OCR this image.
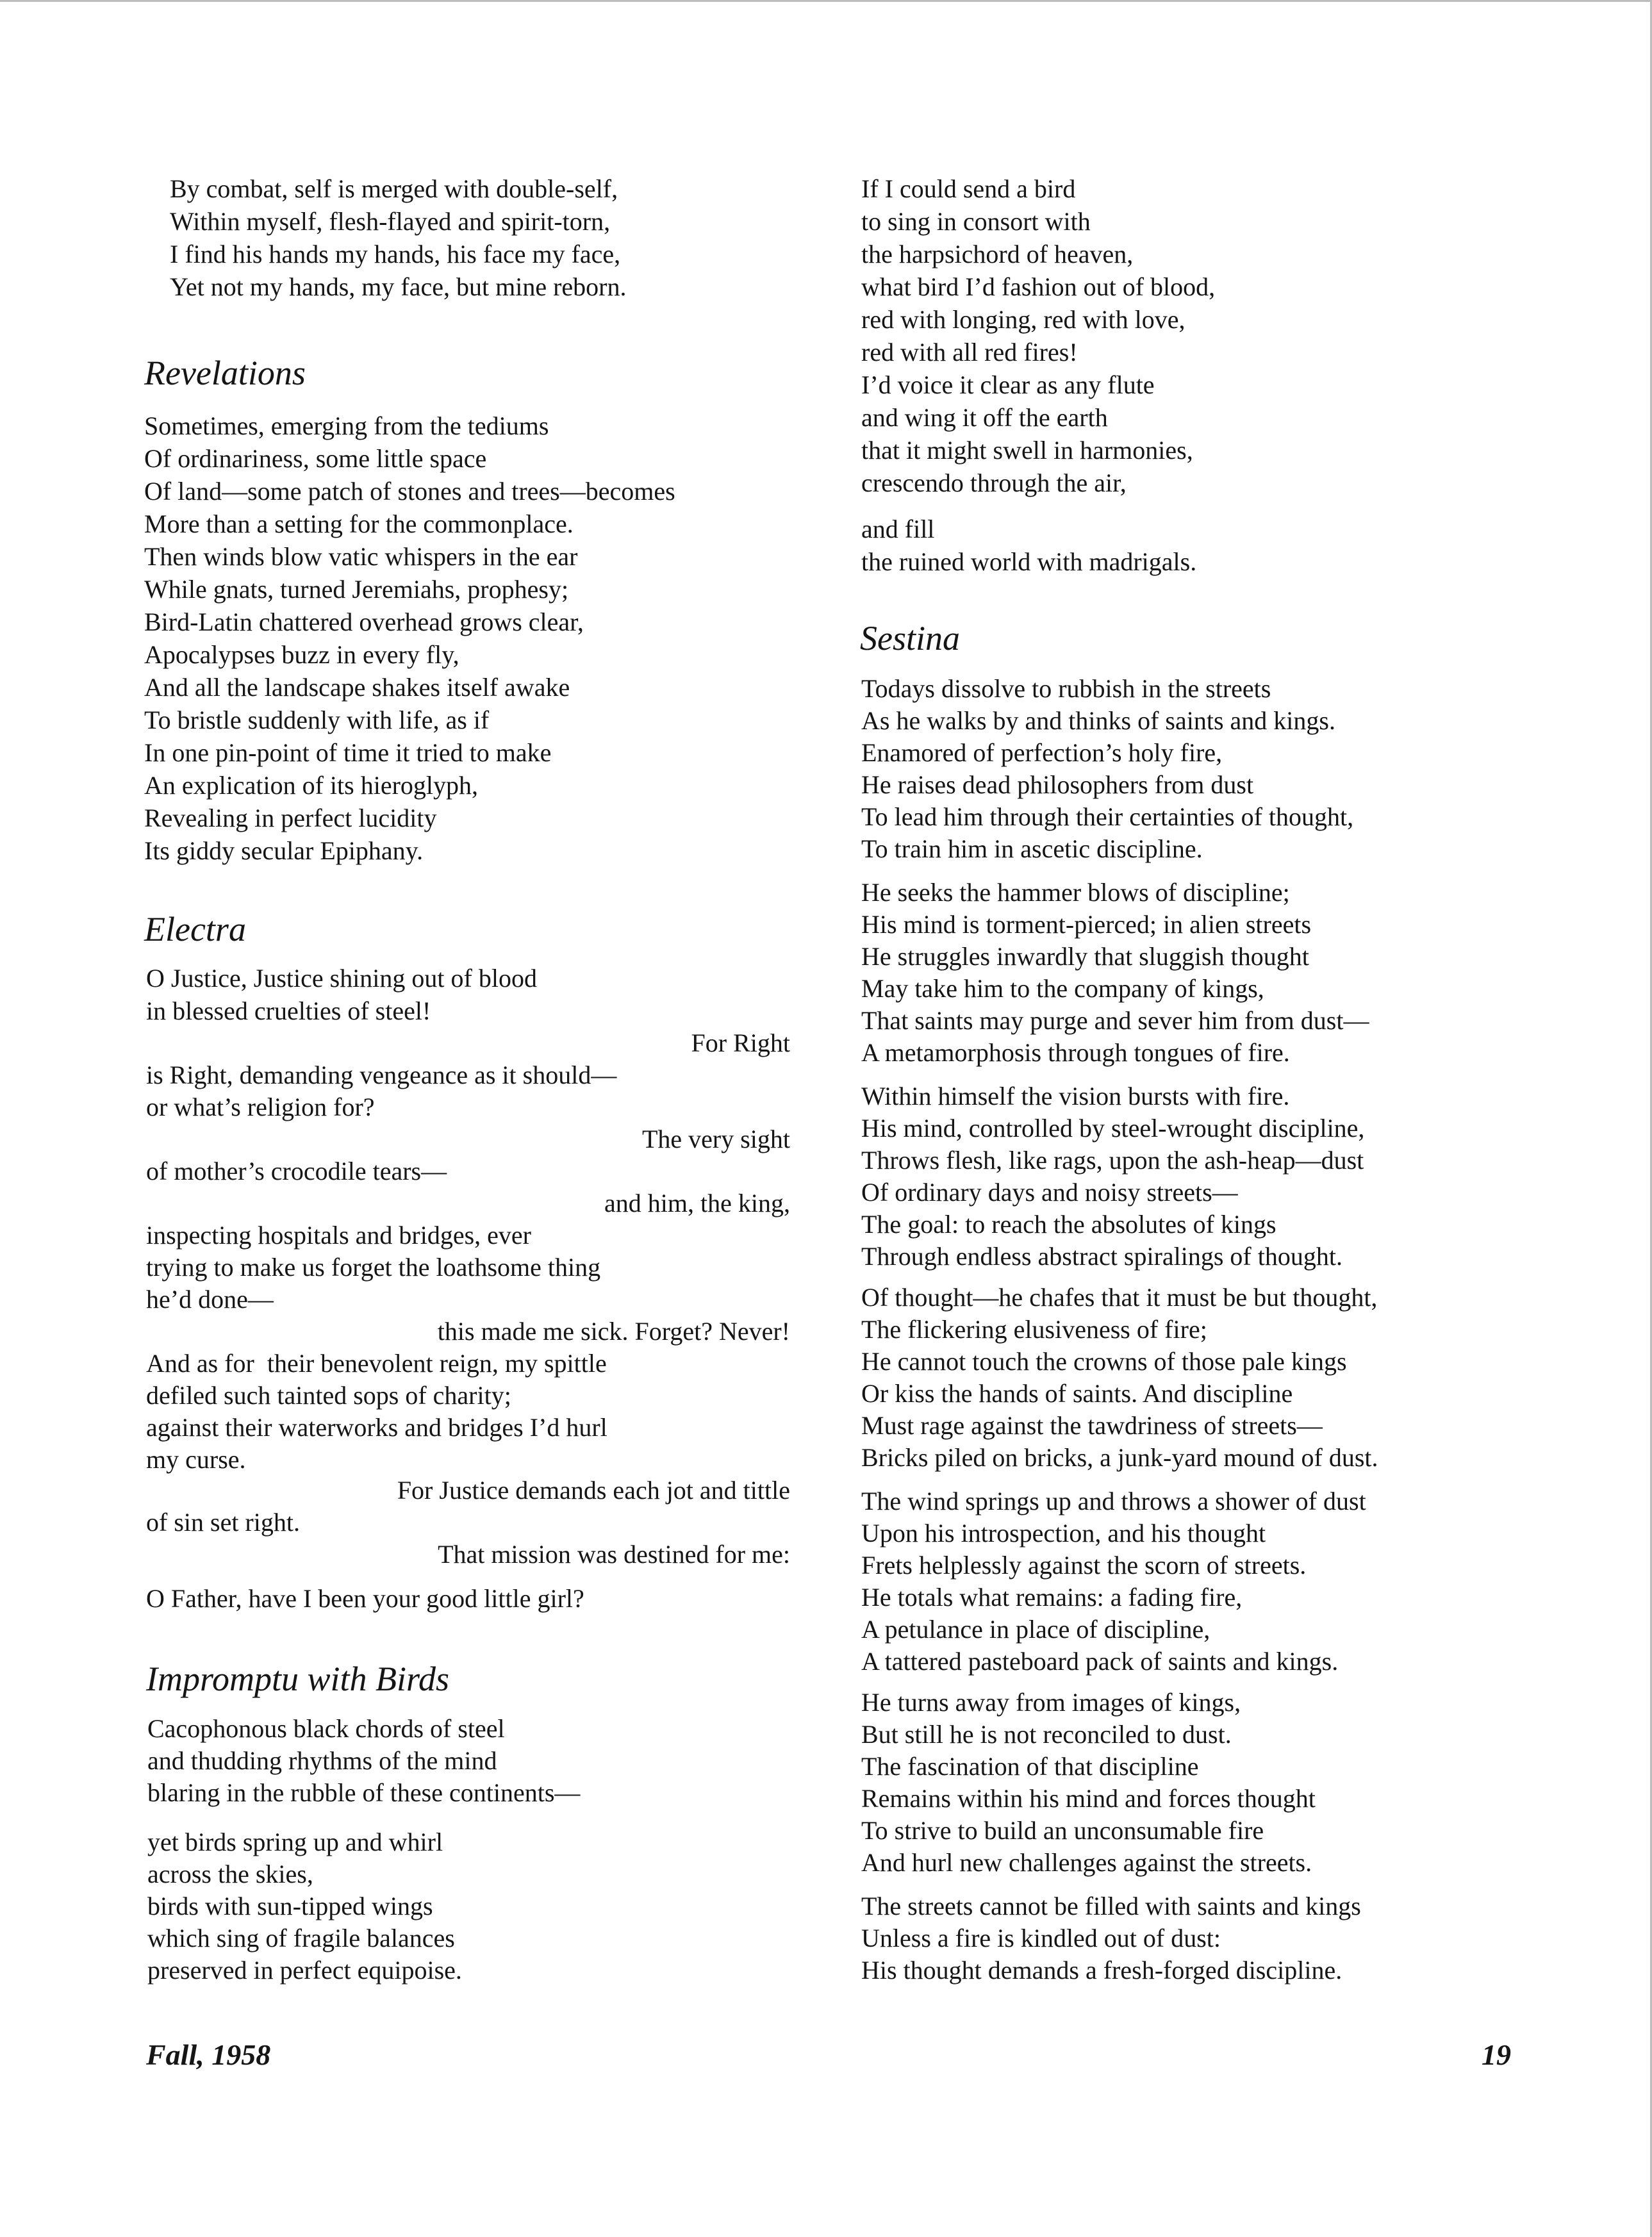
By combat, self is merged with double-self,
Within myself, flesh-flayed and spirit-torn,
I find his hands my hands, his face my face,
Yet not my hands, my face, but mine reborn.
Revelations
Sometimes, emerging from the tediums
Of ordinariness, some little space
Of land—some patch of stones and trees—becomes
More than a setting for the commonplace.
Then winds blow vatic whispers in the ear
While gnats, turned Jeremiahs, prophesy;
Bird-Latin chattered overhead grows clear,
Apocalypses buzz in every fly,
And all the landscape shakes itself awake
To bristle suddenly with life, as if
In one pin-point of time it tried to make
An explication of its hieroglyph,
Revealing in perfect lucidity
Its giddy secular Epiphany.
Electra
O Justice, Justice shining out of blood
in blessed cruelties of steel!
For Right
is Right, demanding vengeance as it should—
or what’s religion for?
The very sight
of mother’s crocodile tears—
and him, the king,
inspecting hospitals and bridges, ever
trying to make us forget the loathsome thing
he’d done—
this made me sick. Forget? Never!
And as for  their benevolent reign, my spittle
defiled such tainted sops of charity;
against their waterworks and bridges I’d hurl
my curse.
For Justice demands each jot and tittle
of sin set right.
That mission was destined for me:
O Father, have I been your good little girl?
Impromptu with Birds
Cacophonous black chords of steel
and thudding rhythms of the mind
blaring in the rubble of these continents—
yet birds spring up and whirl
across the skies,
birds with sun-tipped wings
which sing of fragile balances
preserved in perfect equipoise.
If I could send a bird
to sing in consort with
the harpsichord of heaven,
what bird I’d fashion out of blood,
red with longing, red with love,
red with all red fires!
I’d voice it clear as any flute
and wing it off the earth
that it might swell in harmonies,
crescendo through the air,
and fill
the ruined world with madrigals.
Sestina
Todays dissolve to rubbish in the streets
As he walks by and thinks of saints and kings.
Enamored of perfection’s holy fire,
He raises dead philosophers from dust
To lead him through their certainties of thought,
To train him in ascetic discipline.
He seeks the hammer blows of discipline;
His mind is torment-pierced; in alien streets
He struggles inwardly that sluggish thought
May take him to the company of kings,
That saints may purge and sever him from dust—
A metamorphosis through tongues of fire.
Within himself the vision bursts with fire.
His mind, controlled by steel-wrought discipline,
Throws flesh, like rags, upon the ash-heap—dust
Of ordinary days and noisy streets—
The goal: to reach the absolutes of kings
Through endless abstract spiralings of thought.
Of thought—he chafes that it must be but thought,
The flickering elusiveness of fire;
He cannot touch the crowns of those pale kings
Or kiss the hands of saints. And discipline
Must rage against the tawdriness of streets—
Bricks piled on bricks, a junk-yard mound of dust.
The wind springs up and throws a shower of dust
Upon his introspection, and his thought
Frets helplessly against the scorn of streets.
He totals what remains: a fading fire,
A petulance in place of discipline,
A tattered pasteboard pack of saints and kings.
He turns away from images of kings,
But still he is not reconciled to dust.
The fascination of that discipline
Remains within his mind and forces thought
To strive to build an unconsumable fire
And hurl new challenges against the streets.
The streets cannot be filled with saints and kings
Unless a fire is kindled out of dust:
His thought demands a fresh-forged discipline.
Fall, 1958	19
